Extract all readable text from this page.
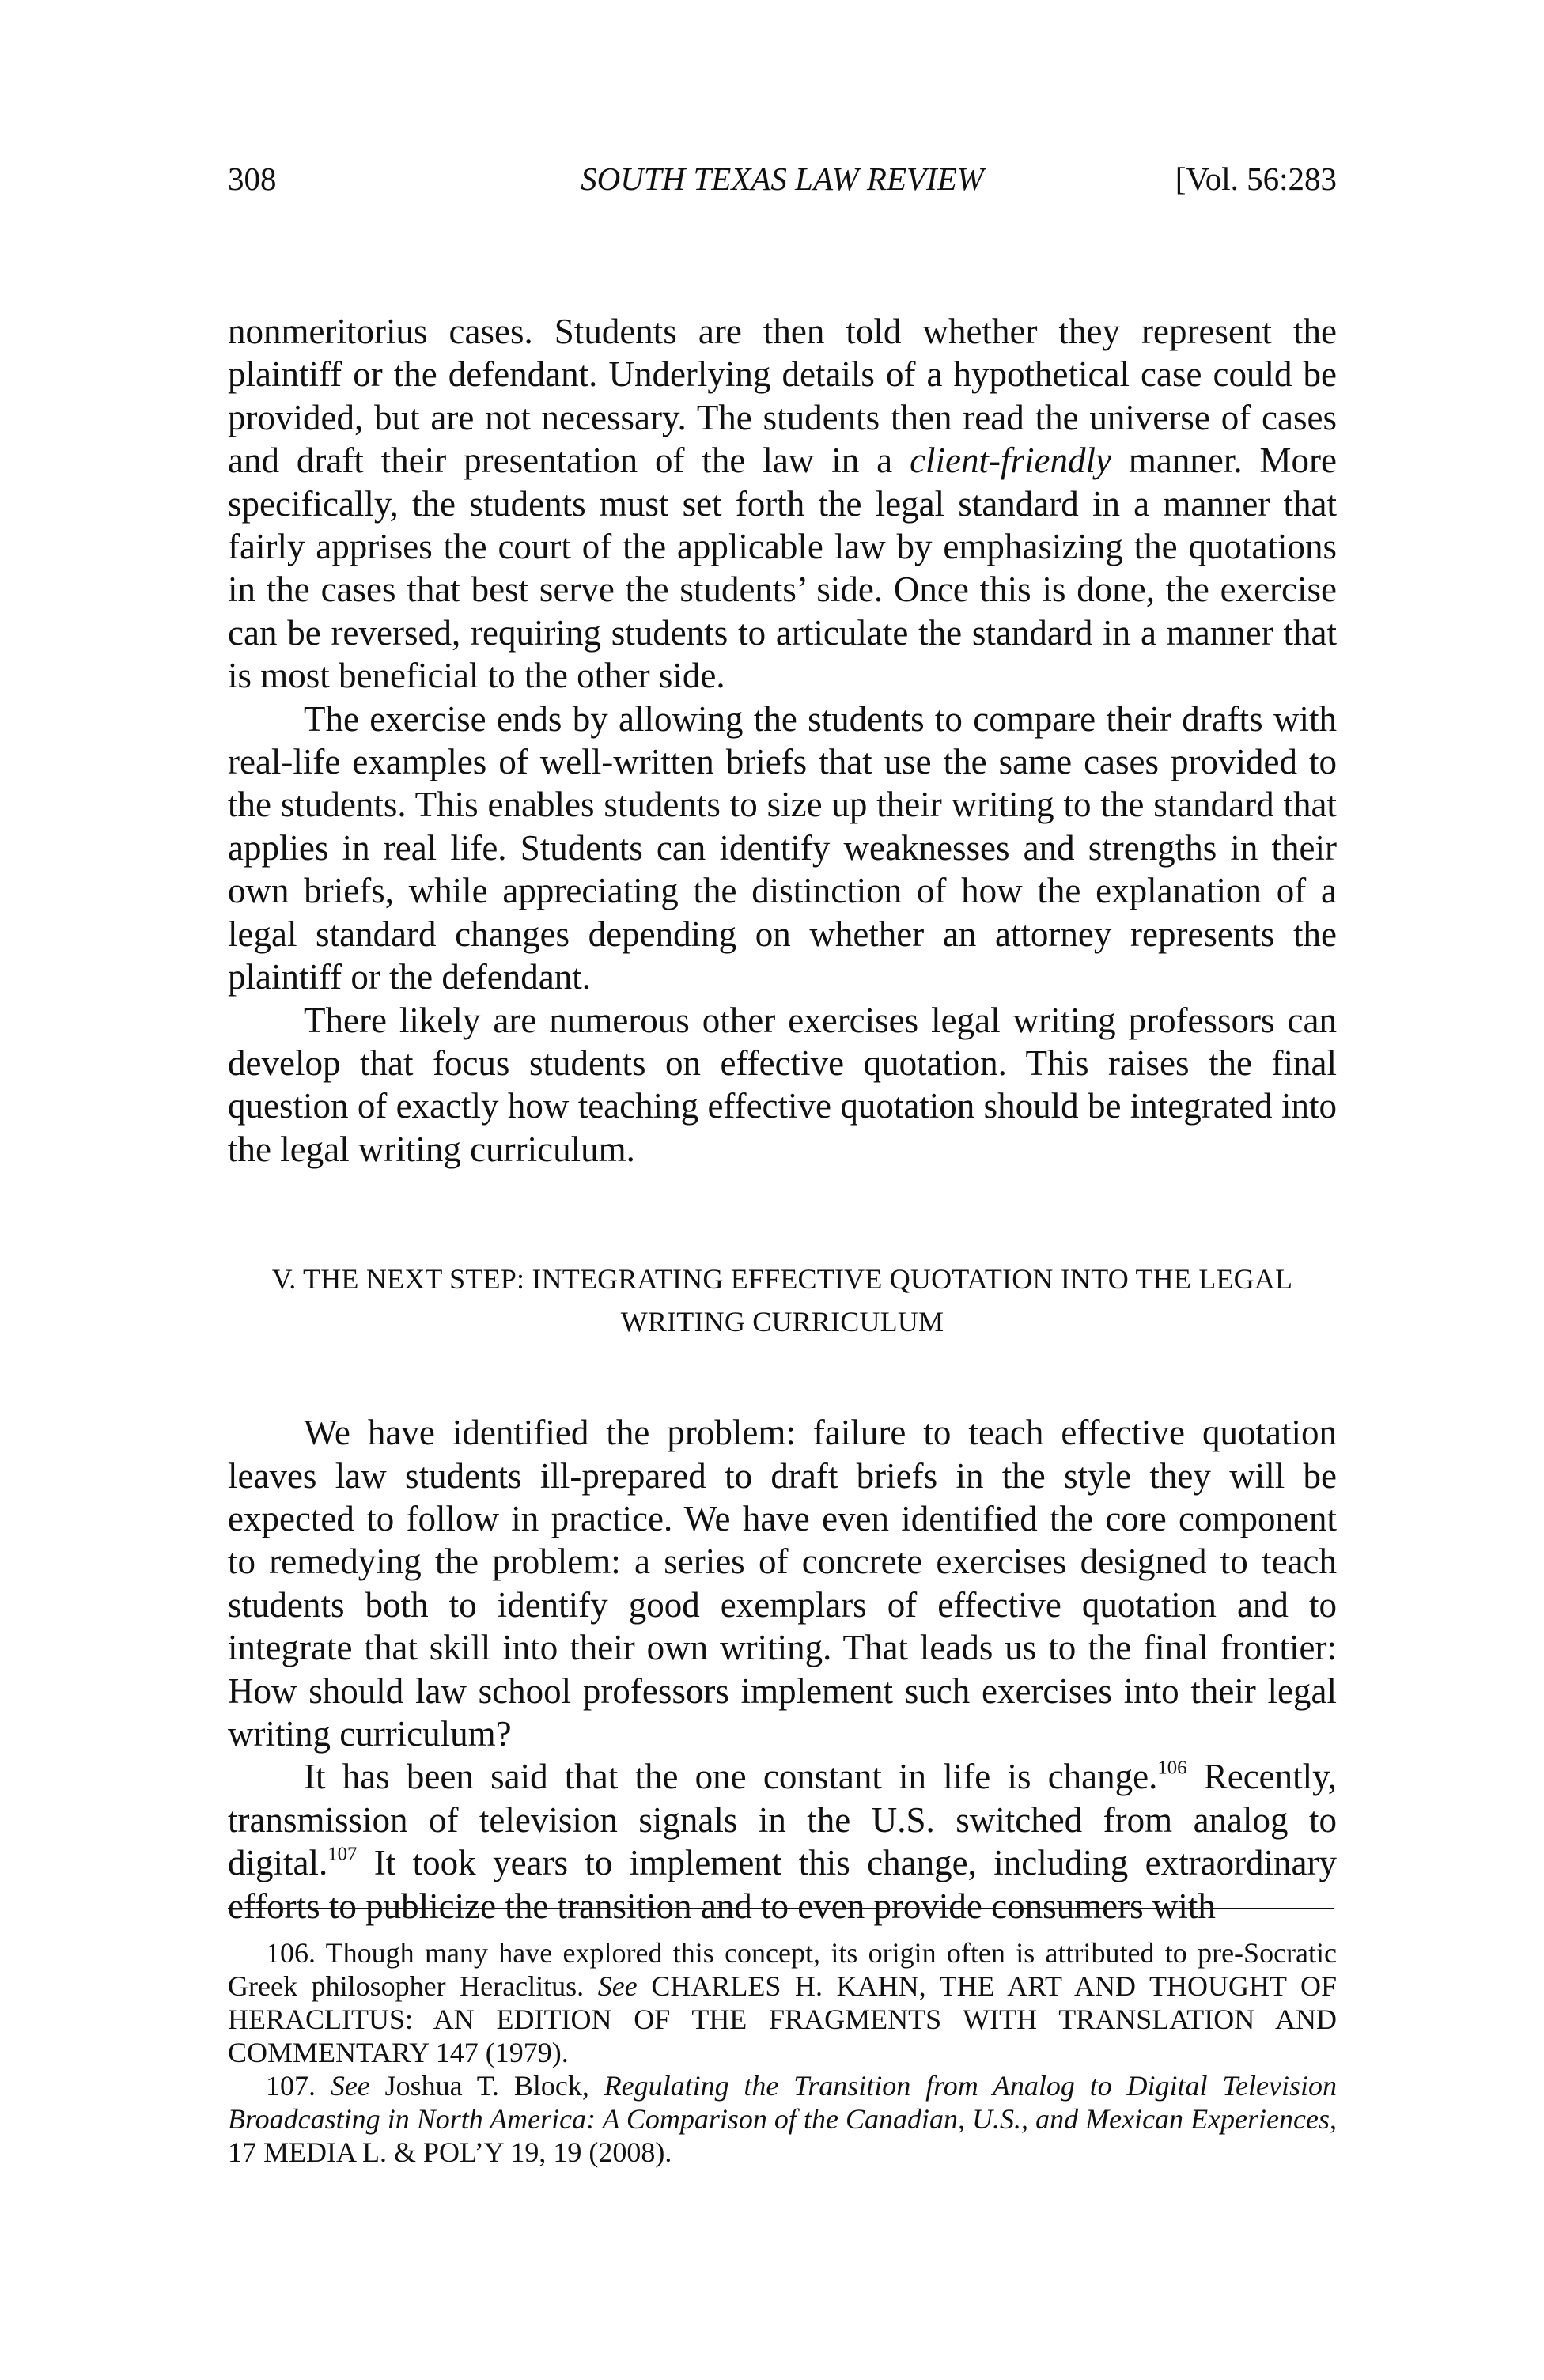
308	SOUTH TEXAS LAW REVIEW	[Vol. 56:283

nonmeritorius cases. Students are then told whether they represent the plaintiff or the defendant. Underlying details of a hypothetical case could be provided, but are not necessary. The students then read the universe of cases and draft their presentation of the law in a client-friendly manner. More specifically, the students must set forth the legal standard in a manner that fairly apprises the court of the applicable law by emphasizing the quotations in the cases that best serve the students’ side. Once this is done, the exercise can be reversed, requiring students to articulate the standard in a manner that is most beneficial to the other side.

The exercise ends by allowing the students to compare their drafts with real-life examples of well-written briefs that use the same cases provided to the students. This enables students to size up their writing to the standard that applies in real life. Students can identify weaknesses and strengths in their own briefs, while appreciating the distinction of how the explanation of a legal standard changes depending on whether an attorney represents the plaintiff or the defendant.

There likely are numerous other exercises legal writing professors can develop that focus students on effective quotation. This raises the final question of exactly how teaching effective quotation should be integrated into the legal writing curriculum.

V. THE NEXT STEP: INTEGRATING EFFECTIVE QUOTATION INTO THE LEGAL WRITING CURRICULUM

We have identified the problem: failure to teach effective quotation leaves law students ill-prepared to draft briefs in the style they will be expected to follow in practice. We have even identified the core component to remedying the problem: a series of concrete exercises designed to teach students both to identify good exemplars of effective quotation and to integrate that skill into their own writing. That leads us to the final frontier: How should law school professors implement such exercises into their legal writing curriculum?

It has been said that the one constant in life is change.$^{106}$ Recently, transmission of television signals in the U.S. switched from analog to digital.$^{107}$ It took years to implement this change, including extraordinary efforts to publicize the transition and to even provide consumers with

106. Though many have explored this concept, its origin often is attributed to pre-Socratic Greek philosopher Heraclitus. See CHARLES H. KAHN, THE ART AND THOUGHT OF HERACLITUS: AN EDITION OF THE FRAGMENTS WITH TRANSLATION AND COMMENTARY 147 (1979).

107. See Joshua T. Block, Regulating the Transition from Analog to Digital Television Broadcasting in North America: A Comparison of the Canadian, U.S., and Mexican Experiences, 17 MEDIA L. & POL’Y 19, 19 (2008).
